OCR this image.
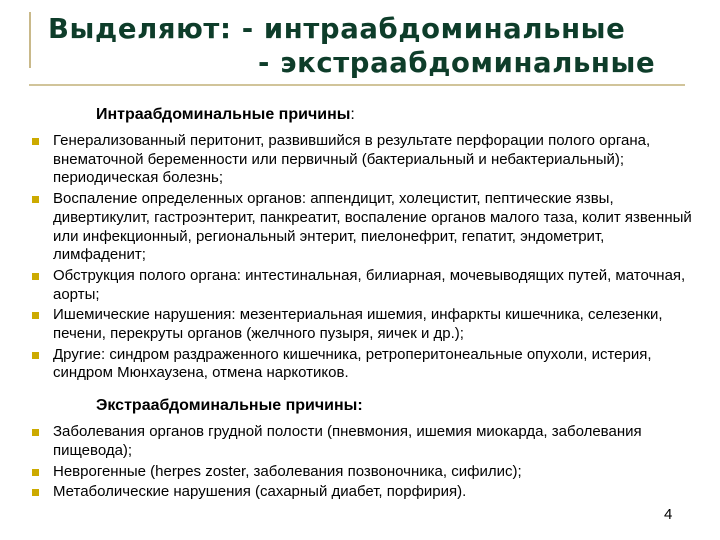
Выделяют: - интраабдоминальные
- экстраабдоминальные
Интраабдоминальные причины:
Генерализованный перитонит, развившийся в результате перфорации полого органа, внематочной беременности или первичный (бактериальный и небактериальный); периодическая болезнь;
Воспаление определенных органов: аппендицит, холецистит, пептические язвы, дивертикулит, гастроэнтерит, панкреатит, воспаление органов малого таза, колит язвенный или инфекционный, региональный энтерит, пиелонефрит, гепатит, эндометрит, лимфаденит;
Обструкция полого органа: интестинальная, билиарная, мочевыводящих путей, маточная, аорты;
Ишемические нарушения: мезентериальная ишемия, инфаркты кишечника, селезенки, печени, перекруты органов (желчного пузыря, яичек и др.);
Другие: синдром раздраженного кишечника, ретроперитонеальные опухоли, истерия, синдром Мюнхаузена, отмена наркотиков.
Экстраабдоминальные причины:
Заболевания органов грудной полости (пневмония, ишемия миокарда, заболевания пищевода);
Неврогенные (herpes zoster, заболевания позвоночника, сифилис);
Метаболические нарушения (сахарный диабет, порфирия).
4
